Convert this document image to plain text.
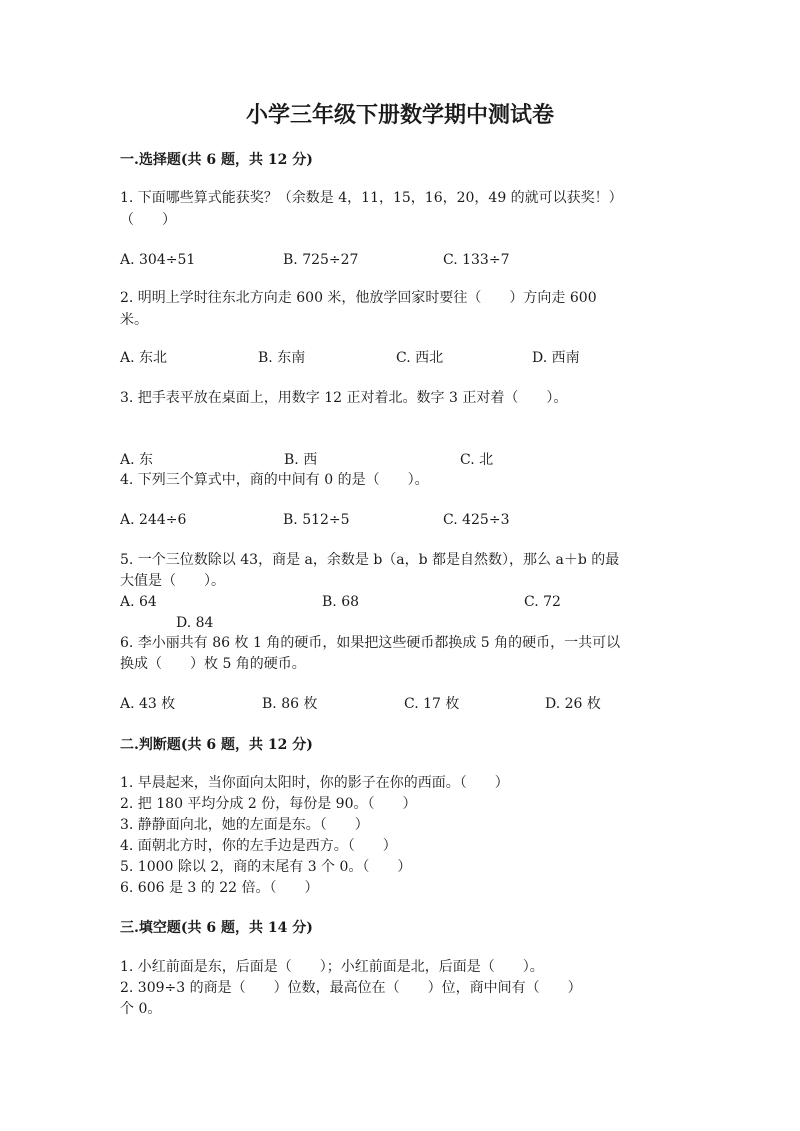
小学三年级下册数学期中测试卷
一.选择题(共 6 题，共 12 分)
1. 下面哪些算式能获奖？（余数是 4，11，15，16，20，49 的就可以获奖！）
（　　）
A. 304÷51	B. 725÷27	C. 133÷7
2. 明明上学时往东北方向走 600 米，他放学回家时要往（　　）方向走 600
米。
A. 东北	B. 东南	C. 西北	D. 西南
3. 把手表平放在桌面上，用数字 12 正对着北。数字 3 正对着（　　）。
A. 东	B. 西	C. 北
4. 下列三个算式中，商的中间有 0 的是（　　）。
A. 244÷6	B. 512÷5	C. 425÷3
5. 一个三位数除以 43，商是 a，余数是 b（a，b 都是自然数），那么 a＋b 的最
大值是（　　）。
A. 64	B. 68	C. 72
D. 84
6. 李小丽共有 86 枚 1 角的硬币，如果把这些硬币都换成 5 角的硬币，一共可以
换成（　　）枚 5 角的硬币。
A. 43 枚	B. 86 枚	C. 17 枚	D. 26 枚
二.判断题(共 6 题，共 12 分)
1. 早晨起来，当你面向太阳时，你的影子在你的西面。（　　）
2. 把 180 平均分成 2 份，每份是 90。（　　）
3. 静静面向北，她的左面是东。（　　）
4. 面朝北方时，你的左手边是西方。（　　）
5. 1000 除以 2，商的末尾有 3 个 0。（　　）
6. 606 是 3 的 22 倍。（　　）
三.填空题(共 6 题，共 14 分)
1. 小红前面是东，后面是（　　）；小红前面是北，后面是（　　）。
2. 309÷3 的商是（　　）位数，最高位在（　　）位，商中间有（　　）
个 0。
